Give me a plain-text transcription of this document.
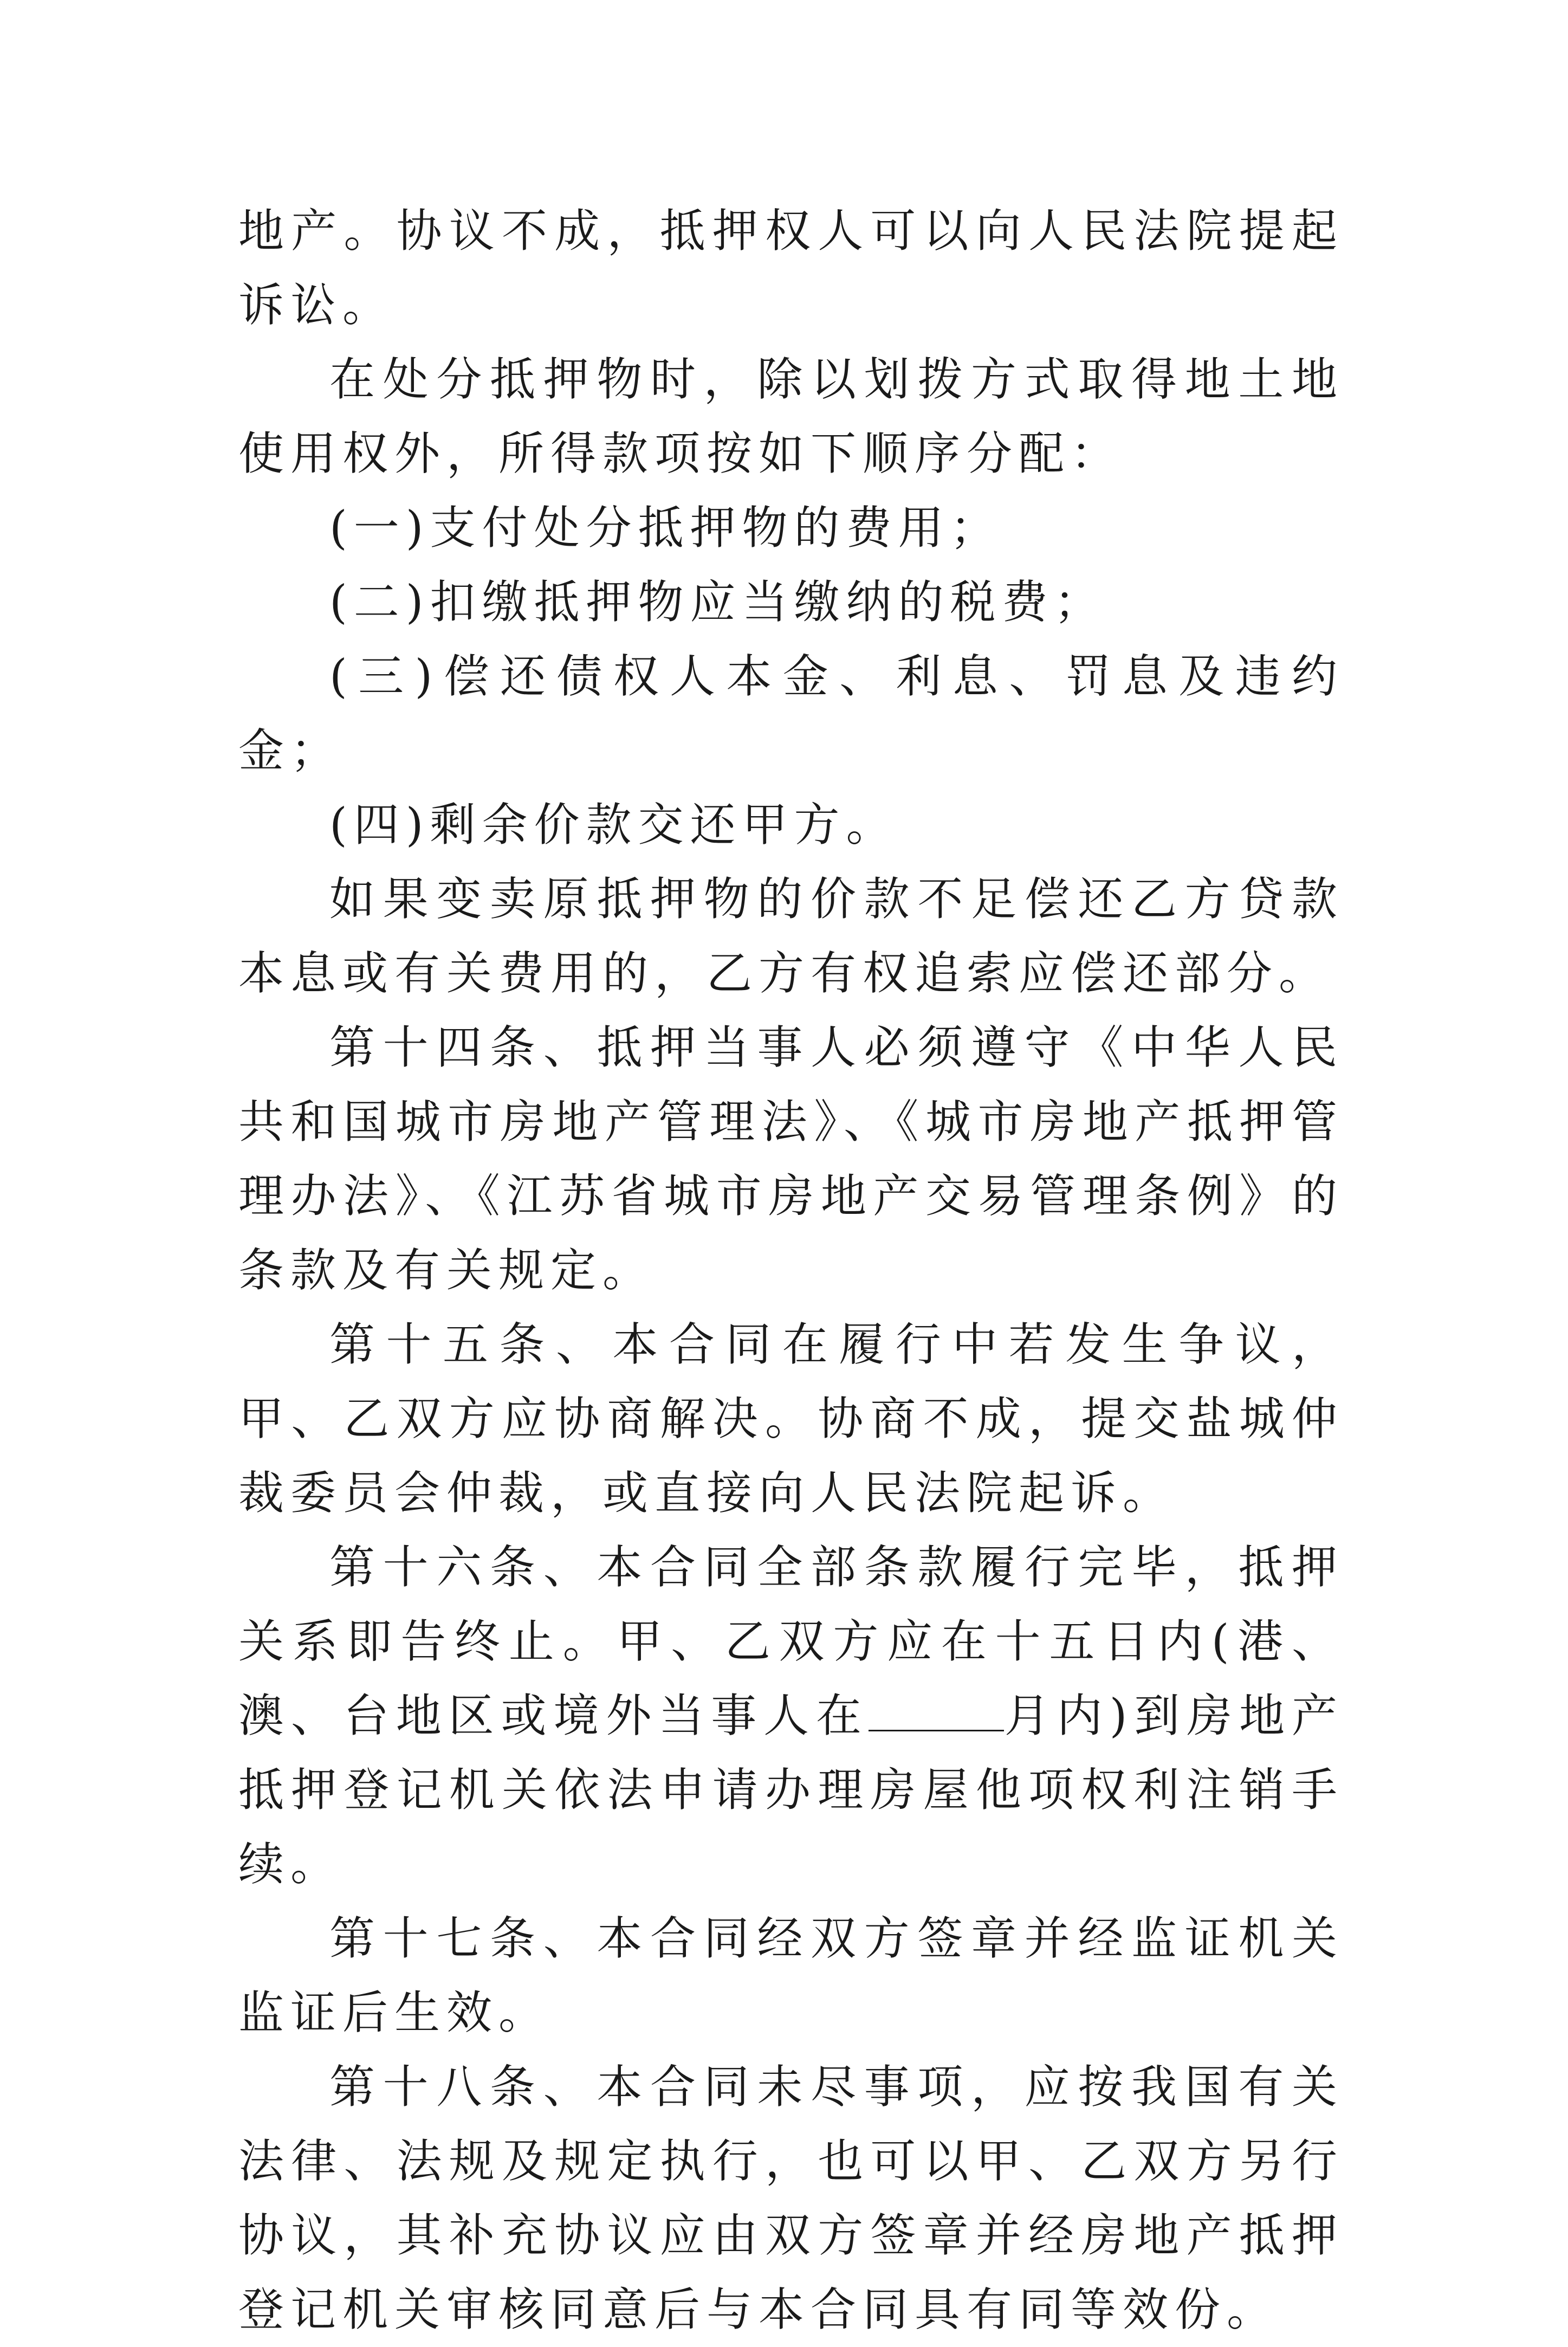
地产。协议不成，抵押权人可以向人民法院提起诉讼。

在处分抵押物时，除以划拨方式取得地土地使用权外，所得款项按如下顺序分配：

(一)支付处分抵押物的费用；

(二)扣缴抵押物应当缴纳的税费；

(三)偿还债权人本金、利息、罚息及违约金；

(四)剩余价款交还甲方。

如果变卖原抵押物的价款不足偿还乙方贷款本息或有关费用的，乙方有权追索应偿还部分。

第十四条、抵押当事人必须遵守《中华人民共和国城市房地产管理法》、《城市房地产抵押管理办法》、《江苏省城市房地产交易管理条例》的条款及有关规定。

第十五条、本合同在履行中若发生争议，甲、乙双方应协商解决。协商不成，提交盐城仲裁委员会仲裁，或直接向人民法院起诉。

第十六条、本合同全部条款履行完毕，抵押关系即告终止。甲、乙双方应在十五日内(港、澳、台地区或境外当事人在	月内)到房地产抵押登记机关依法申请办理房屋他项权利注销手续。

第十七条、本合同经双方签章并经监证机关监证后生效。

第十八条、本合同未尽事项，应按我国有关法律、法规及规定执行，也可以甲、乙双方另行协议，其补充协议应由双方签章并经房地产抵押登记机关审核同意后与本合同具有同等效份。
